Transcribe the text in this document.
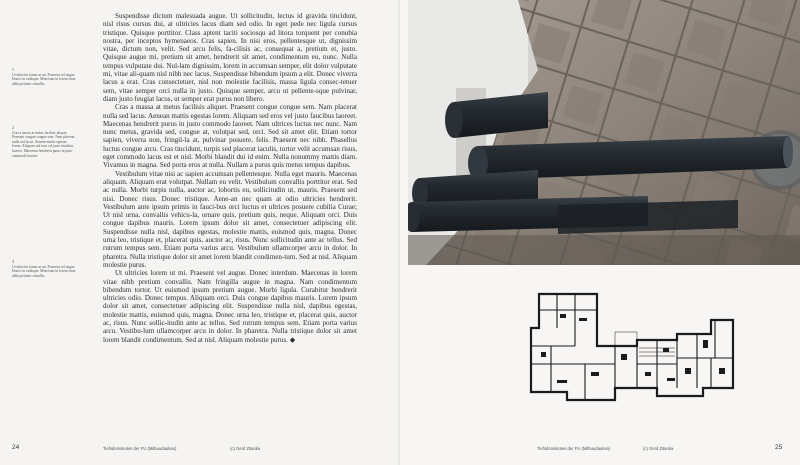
1
Ut ultricies lorem ut mi. Praesent vel augue. Donec in ouduque. Maecenas in lorem vitae nibh pretium convallis.
2
Cras a massa at metus facilisis aliquet. Praesent congue congue sem. Nam placerat nulla sed lacus. Aenean mattis egestas lorem. Aliquam sed eros vel justo faucibus laoreet. Maecenas hendrerit purus in justo commodo laoreet.
3
Ut ultricies lorem ut mi. Praesent vel augue. Donec in ouduque. Maecenas in lorem vitae nibh pretium convallis.

Suspendisse dictum malesuada augue. Ut sollicitudin, lectus id gravida tincidunt, nisl risus cursus dui, at ultricies lacus diam sed odio. In eget pede nec ligula cursus tristique. Quisque porttitor. Class aptent taciti sociosqu ad litora torquent per conubia nostra, per inceptos hymenaeos. Cras sapien. In nisi eros, pellentesque ut, dignissim vitae, dictum non, velit. Sed arcu felis, fa-cilisis ac, consequat a, pretium et, justo. Quisque augue mi, pretium sit amet, hendrerit sit amet, condimentum eu, nunc. Nulla tempus vulputate dui. Nul-lam dignissim, lorem in accumsan semper, elit dolor vulputate mi, vitae ali-quam nisl nibh nec lacus. Suspendisse bibendum ipsum a elit. Donec viverra lacus a erat. Cras consectetuer, nisl non molestie facilisis, massa ligula consec-tetuer sem, vitae semper orci nulla in justo. Quisque semper, arcu ut pellente-sque pulvinar, diam justo feugiat lacus, ut semper erat purus non libero.

Cras a massa at metus facilisis aliquet. Praesent congue congue sem. Nam placerat nulla sed lacus. Aenean mattis egestas lorem. Aliquam sed eros vel justo faucibus laoreet. Maecenas hendrerit purus in justo commodo laoreet. Nam ultrices luctus nec nunc. Nam nunc metus, gravida sed, congue at, volutpat sed, orci. Sed sit amet elit. Etiam tortor sapien, viverra non, fringil-la at, pulvinar posuere, felis. Praesent nec nibh. Phasellus luctus congue arcu. Cras tincidunt, turpis sed placerat iaculis, tortor velit accumsan risus, eget commodo lacus est et nisl. Morbi blandit dui id enim. Nulla nonummy mattis diam. Vivamus in magna. Sed porta eros at nulla. Nullam a purus quis metus tempus dapibus.

Vestibulum vitae nisi ac sapien accumsan pellentesque. Nulla eget mauris. Maecenas aliquam. Aliquam erat volutpat. Nullam eu velit. Vestibulum convallis porttitor erat. Sed ac nulla. Morbi turpis nulla, auctor ac, lobortis eu, sollicitudin ut, mauris. Praesent sed nisi. Donec risus. Donec tristique. Aene-an nec quam at odio ultricies hendrerit. Vestibulum ante ipsum primis in fauci-bus orci luctus et ultrices posuere cubilia Curae; Ut nisl urna, convallis vehicu-la, ornare quis, pretium quis, neque. Aliquam orci. Duis congue dapibus mauris. Lorem ipsum dolor sit amet, consectetuer adipiscing elit. Suspendisse nulla nisl, dapibus egestas, molestie mattis, euismod quis, magna. Donec urna leo, tristique et, placerat quis, auctor ac, risus. Nunc sollicitudin ante ac tellus. Sed rutrum tempus sem. Etiam porta varius arcu. Vestibulum ullamcorper arcu in dolor. In pharetra. Nulla tristique dolor sit amet lorem blandit condimen-tum. Sed at nisl. Aliquam molestie purus.

Ut ultricies lorem ut mi. Praesent vel augue. Donec interdum. Maecenas in lorem vitae nibh pretium convallis. Nam fringilla augue in magna. Nam condimentum bibendum tortor. Ut euismod ipsum pretium augue. Morbi ligula. Curabitur hendrerit ultricies odio. Donec tempus. Aliquam orci. Duis congue dapibus mauris. Lorem ipsum dolor sit amet, consectetuer adipiscing elit. Suspendisse nulla nisl, dapibus egestas, molestie mattis, euismod quis, magna. Donec urna leo, tristique et, placerat quis, auctor ac, risus. Nunc sollic-itudin ante ac tellus. Sed rutrum tempus sem. Etiam porta varius arcu. Vestibu-lum ullamcorper arcu in dolor. In pharetra. Nulla tristique dolor sit amet lorem blandit condimentum. Sed at nisl. Aliquam molestie purus. ◆

24	Tiefsdomsirutes der FU (Milbuudaukan)	(c) Gerd Zitanka	Tiefsdomsirutes der FU (Milbuudaukan)	(c) Gerd Zitanka	25
